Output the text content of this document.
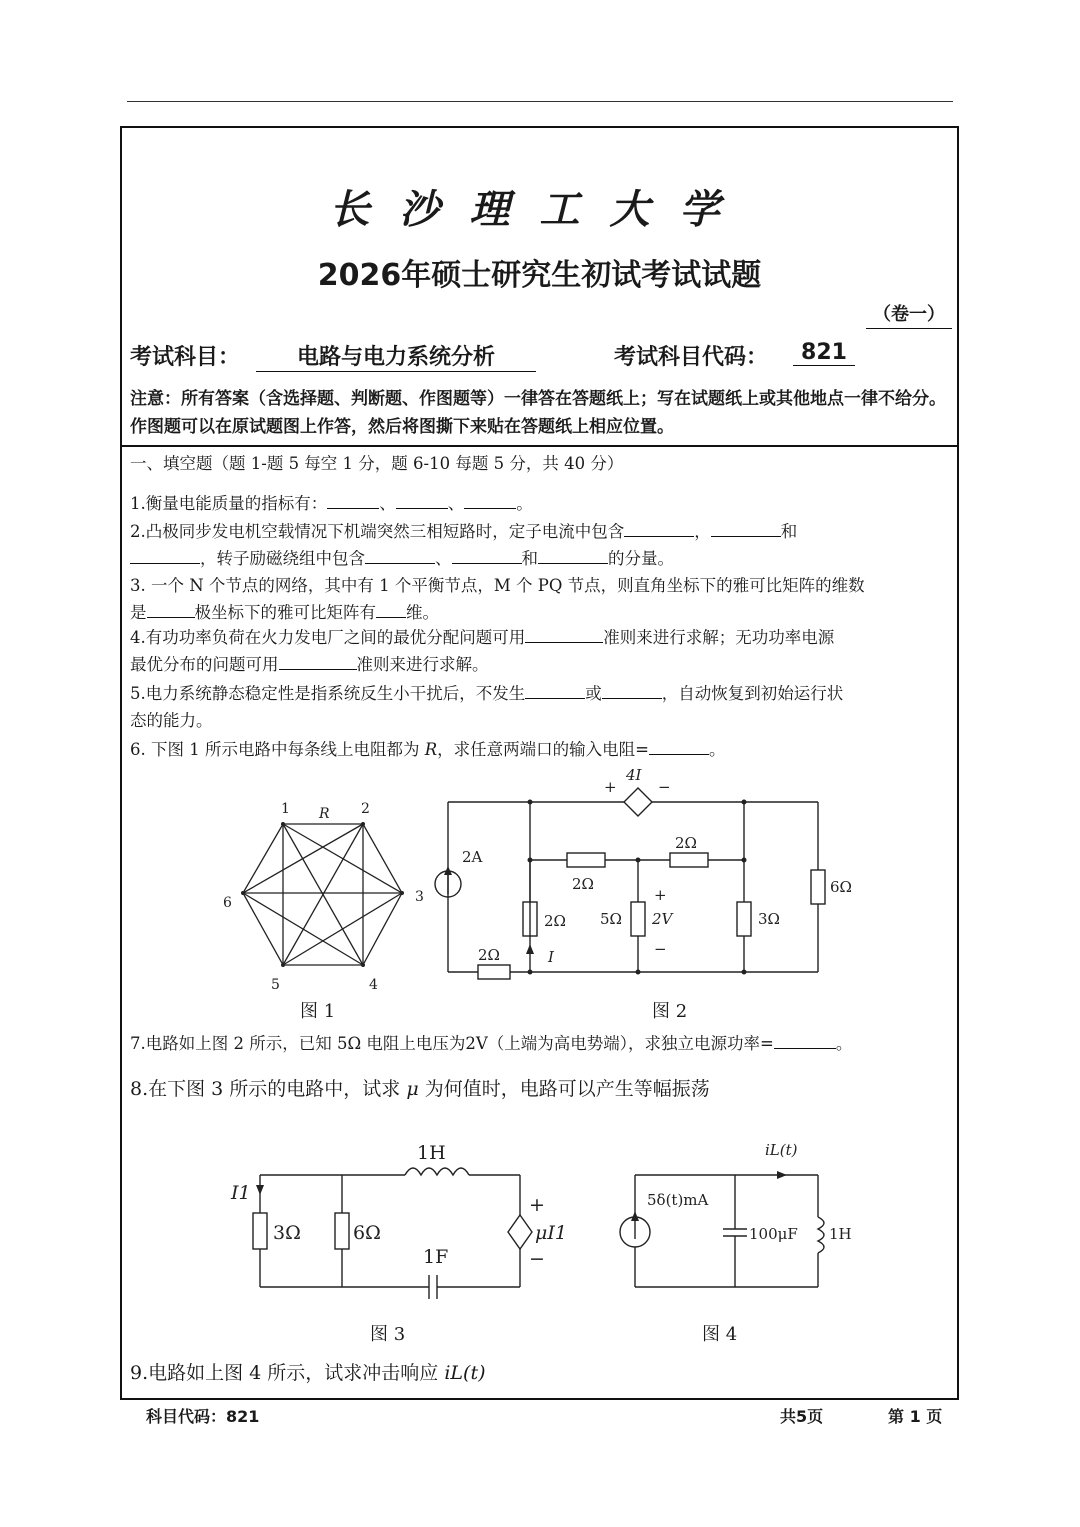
长沙理工大学
2026年硕士研究生初试考试试题
（卷一）
考试科目：	电路与电力系统分析	考试科目代码：	821
注意：所有答案（含选择题、判断题、作图题等）一律答在答题纸上；写在试题纸上或其他地点一律不给分。作图题可以在原试题图上作答，然后将图撕下来贴在答题纸上相应位置。
一、填空题（题 1-题 5 每空 1 分，题 6-10 每题 5 分，共 40 分）
1.衡量电能质量的指标有：	、	、	。
2.凸极同步发电机空载情况下机端突然三相短路时，定子电流中包含	，	和
，转子励磁绕组中包含	、	和	的分量。
3. 一个 N 个节点的网络，其中有 1 个平衡节点，M 个 PQ 节点，则直角坐标下的雅可比矩阵的维数
是	极坐标下的雅可比矩阵有 维。
4.有功功率负荷在火力发电厂之间的最优分配问题可用	准则来进行求解；无功功率电源
最优分布的问题可用	准则来进行求解。
5.电力系统静态稳定性是指系统反生小干扰后，不发生	或	，自动恢复到初始运行状
态的能力。
6. 下图 1 所示电路中每条线上电阻都为 R，求任意两端口的输入电阻=	。
1	2
3
4
5
6
R
图 1
4I
+	−
2A
2Ω
2Ω
2Ω
2Ω 5Ω 2V	3Ω
6Ω
I
+
−
图 2
7.电路如上图 2 所示，已知 5Ω 电阻上电压为2V（上端为高电势端），求独立电源功率=	。
8.在下图 3 所示的电路中，试求 μ 为何值时，电路可以产生等幅振荡
1H
I1
3Ω	6Ω
1F
μI1
+
−
图 3
iL(t)
5δ(t)mA
100μF 1H
图 4
9.电路如上图 4 所示，试求冲击响应 iL(t)
科目代码：821	共5页	第 1 页
